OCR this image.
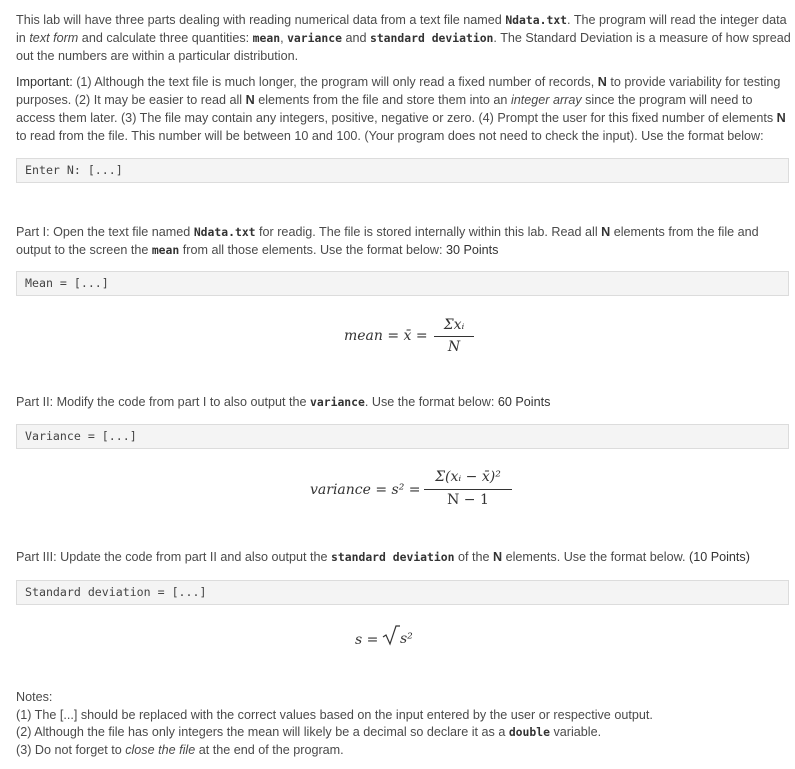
This lab will have three parts dealing with reading numerical data from a text file named Ndata.txt. The program will read the integer data in text form and calculate three quantities: mean, variance and standard deviation. The Standard Deviation is a measure of how spread out the numbers are within a particular distribution.

Important: (1) Although the text file is much longer, the program will only read a fixed number of records, N to provide variability for testing purposes. (2) It may be easier to read all N elements from the file and store them into an integer array since the program will need to access them later. (3) The file may contain any integers, positive, negative or zero. (4) Prompt the user for this fixed number of elements N to read from the file. This number will be between 10 and 100. (Your program does not need to check the input). Use the format below:

Enter N: [...]

Part I: Open the text file named Ndata.txt for readig. The file is stored internally within this lab. Read all N elements from the file and output to the screen the mean from all those elements. Use the format below: 30 Points

Mean = [...]
mean = x̄ =
Σxᵢ
N

Part II: Modify the code from part I to also output the variance. Use the format below: 60 Points

Variance = [...]
variance = s² =
Σ(xᵢ − x̄)²
N − 1

Part III: Update the code from part II and also output the standard deviation of the N elements. Use the format below. (10 Points)

Standard deviation = [...]
s = s²

Notes:

(1) The [...] should be replaced with the correct values based on the input entered by the user or respective output.

(2) Although the file has only integers the mean will likely be a decimal so declare it as a double variable.

(3) Do not forget to close the file at the end of the program.
